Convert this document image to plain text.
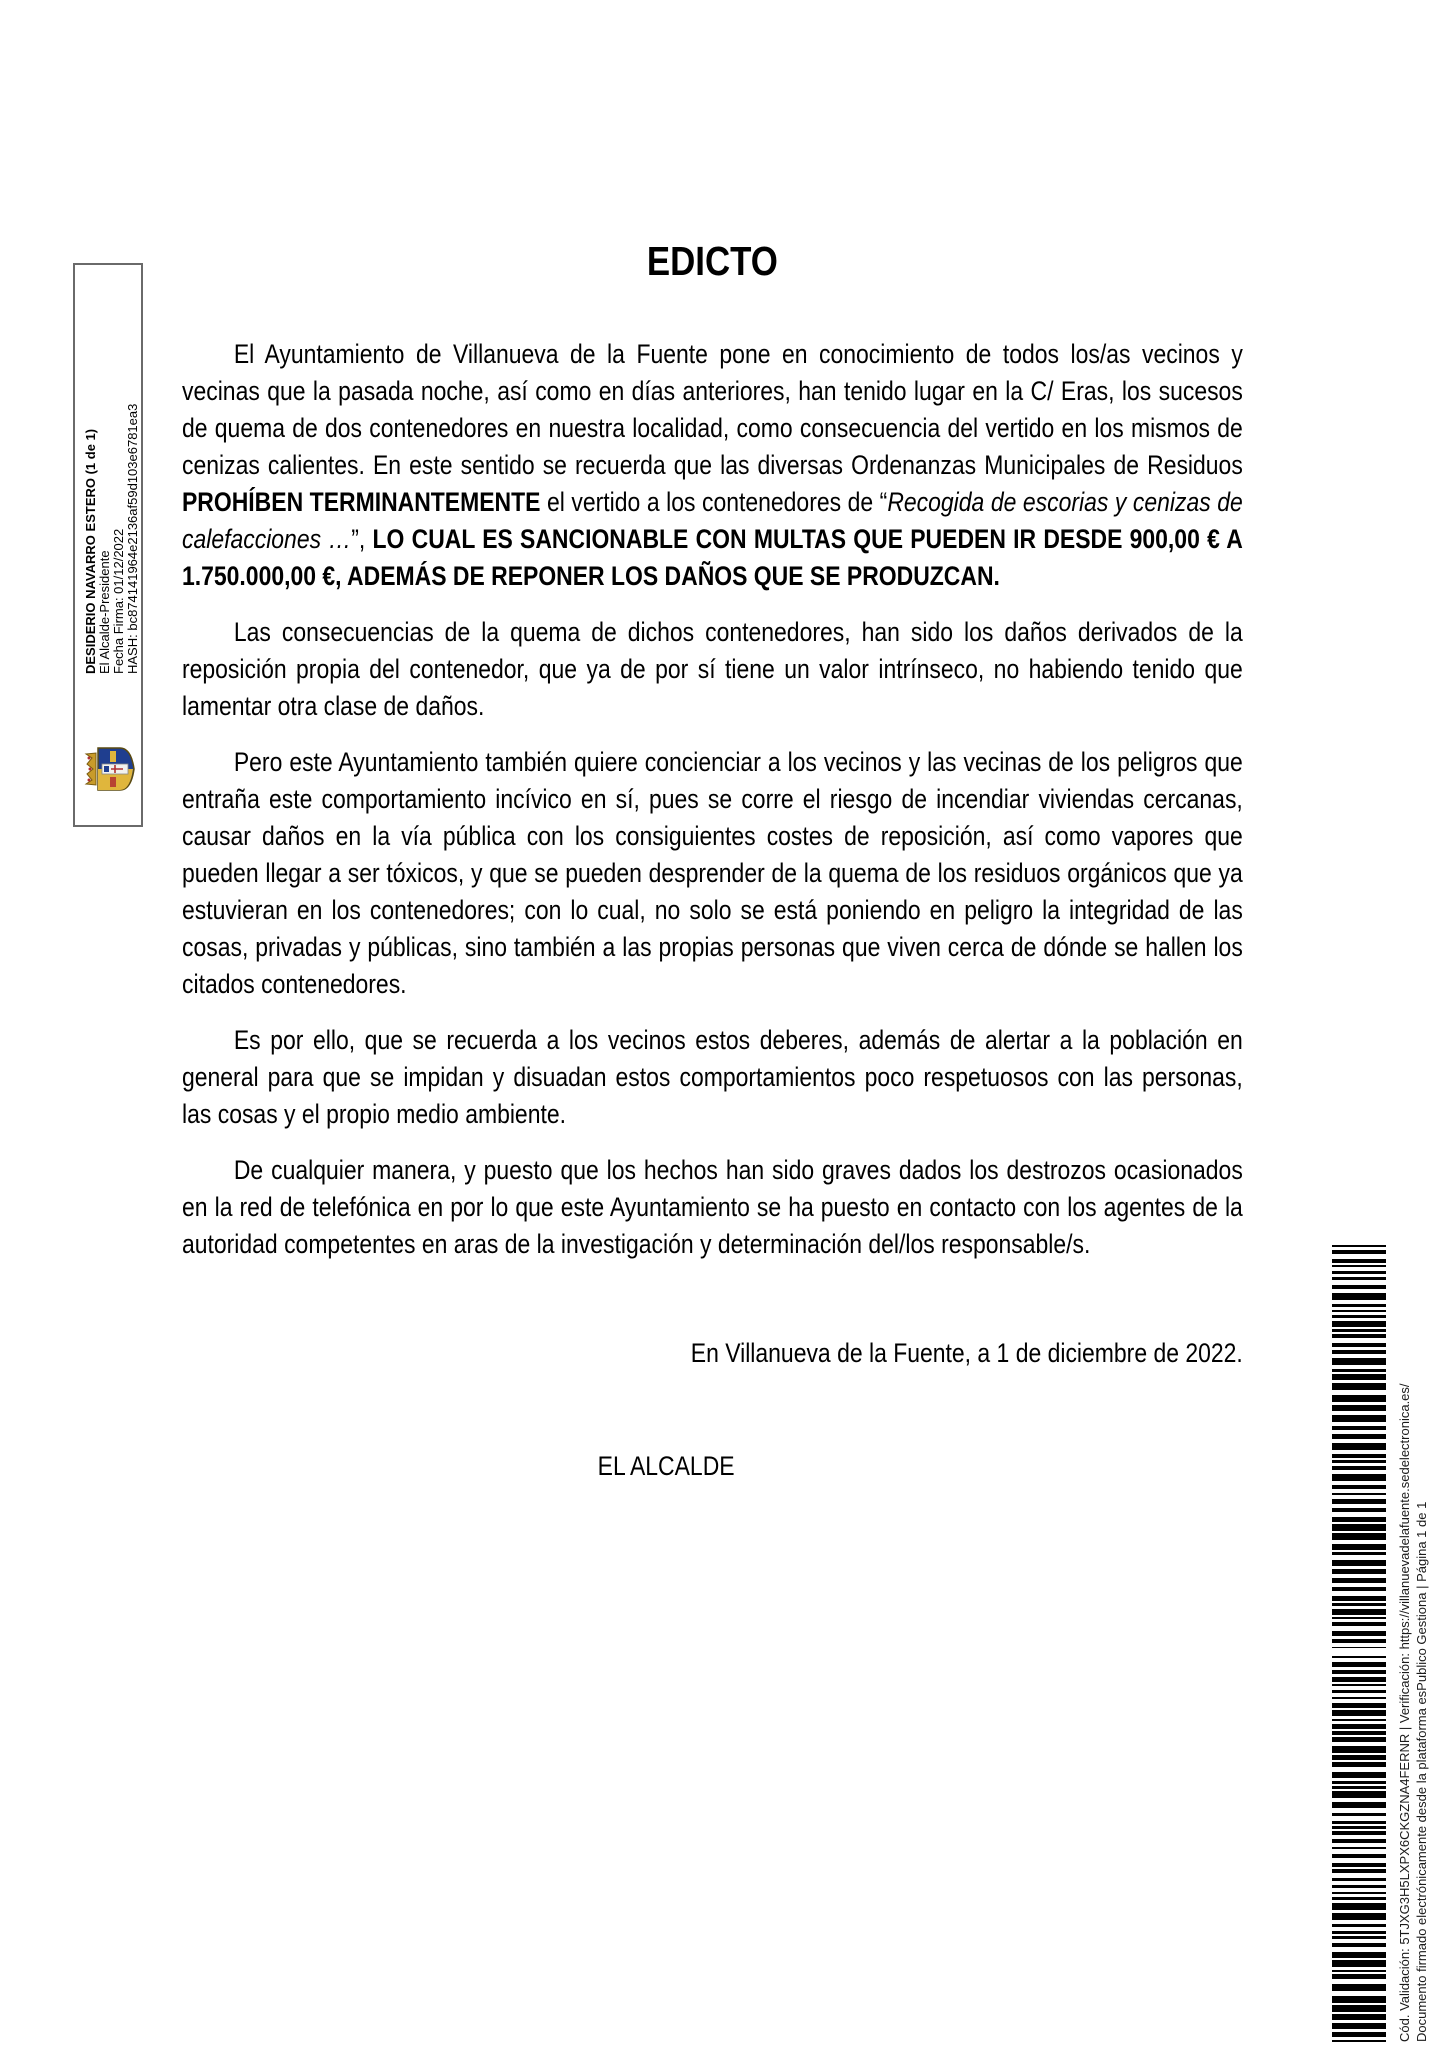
DESIDERIO NAVARRO ESTERO (1 de 1) El Alcalde-Presidente Fecha Firma: 01/12/2022 HASH: bc874141964e2136af59d103e6781ea3
EDICTO

El Ayuntamiento de Villanueva de la Fuente pone en conocimiento de todos los/as vecinos y vecinas que la pasada noche, así como en días anteriores, han tenido lugar en la C/ Eras, los sucesos de quema de dos contenedores en nuestra localidad, como consecuencia del vertido en los mismos de cenizas calientes. En este sentido se recuerda que las diversas Ordenanzas Municipales de Residuos PROHÍBEN TERMINANTEMENTE el vertido a los contenedores de “Recogida de escorias y cenizas de calefacciones …”, LO CUAL ES SANCIONABLE CON MULTAS QUE PUEDEN IR DESDE 900,00 € A 1.750.000,00 €, ADEMÁS DE REPONER LOS DAÑOS QUE SE PRODUZCAN.

Las consecuencias de la quema de dichos contenedores, han sido los daños derivados de la reposición propia del contenedor, que ya de por sí tiene un valor intrínseco, no habiendo tenido que lamentar otra clase de daños.

Pero este Ayuntamiento también quiere concienciar a los vecinos y las vecinas de los peligros que entraña este comportamiento incívico en sí, pues se corre el riesgo de incendiar viviendas cercanas, causar daños en la vía pública con los consiguientes costes de reposición, así como vapores que pueden llegar a ser tóxicos, y que se pueden desprender de la quema de los residuos orgánicos que ya estuvieran en los contenedores; con lo cual, no solo se está poniendo en peligro la integridad de las cosas, privadas y públicas, sino también a las propias personas que viven cerca de dónde se hallen los citados contenedores.

Es por ello, que se recuerda a los vecinos estos deberes, además de alertar a la población en general para que se impidan y disuadan estos comportamientos poco respetuosos con las personas, las cosas y el propio medio ambiente.

De cualquier manera, y puesto que los hechos han sido graves dados los destrozos ocasionados en la red de telefónica en por lo que este Ayuntamiento se ha puesto en contacto con los agentes de la autoridad competentes en aras de la investigación y determinación del/los responsable/s.

En Villanueva de la Fuente, a 1 de diciembre de 2022.

EL ALCALDE	Cód. Validación: 5TJXG3H5LXPX6CKGZNA4FERNR | Verificación: https://villanuevadelafuente.sedelectronica.es/ Documento firmado electrónicamente desde la plataforma esPublico Gestiona | Página 1 de 1
